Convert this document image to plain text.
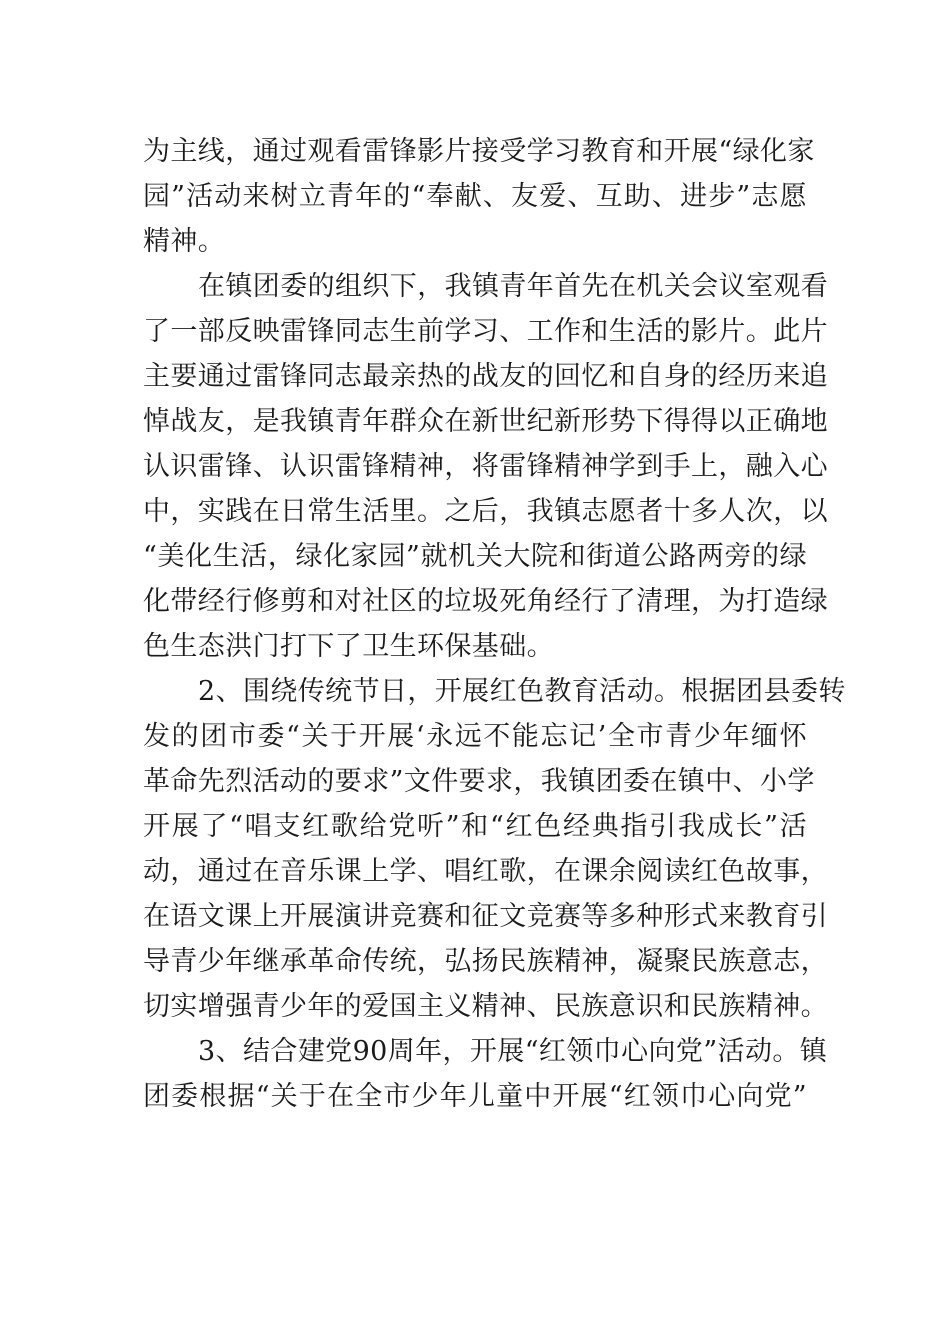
为主线，通过观看雷锋影片接受学习教育和开展“绿化家
园”活动来树立青年的“奉献、友爱、互助、进步”志愿
精神。
在镇团委的组织下，我镇青年首先在机关会议室观看
了一部反映雷锋同志生前学习、工作和生活的影片。此片
主要通过雷锋同志最亲热的战友的回忆和自身的经历来追
悼战友，是我镇青年群众在新世纪新形势下得得以正确地
认识雷锋、认识雷锋精神，将雷锋精神学到手上，融入心
中，实践在日常生活里。之后，我镇志愿者十多人次，以
“美化生活，绿化家园”就机关大院和街道公路两旁的绿
化带经行修剪和对社区的垃圾死角经行了清理，为打造绿
色生态洪门打下了卫生环保基础。
2、围绕传统节日，开展红色教育活动。根据团县委转
发的团市委“关于开展‘永远不能忘记’全市青少年缅怀
革命先烈活动的要求”文件要求，我镇团委在镇中、小学
开展了“唱支红歌给党听”和“红色经典指引我成长”活
动，通过在音乐课上学、唱红歌，在课余阅读红色故事，
在语文课上开展演讲竞赛和征文竞赛等多种形式来教育引
导青少年继承革命传统，弘扬民族精神，凝聚民族意志，
切实增强青少年的爱国主义精神、民族意识和民族精神。
3、结合建党90周年，开展“红领巾心向党”活动。镇
团委根据“关于在全市少年儿童中开展“红领巾心向党”
